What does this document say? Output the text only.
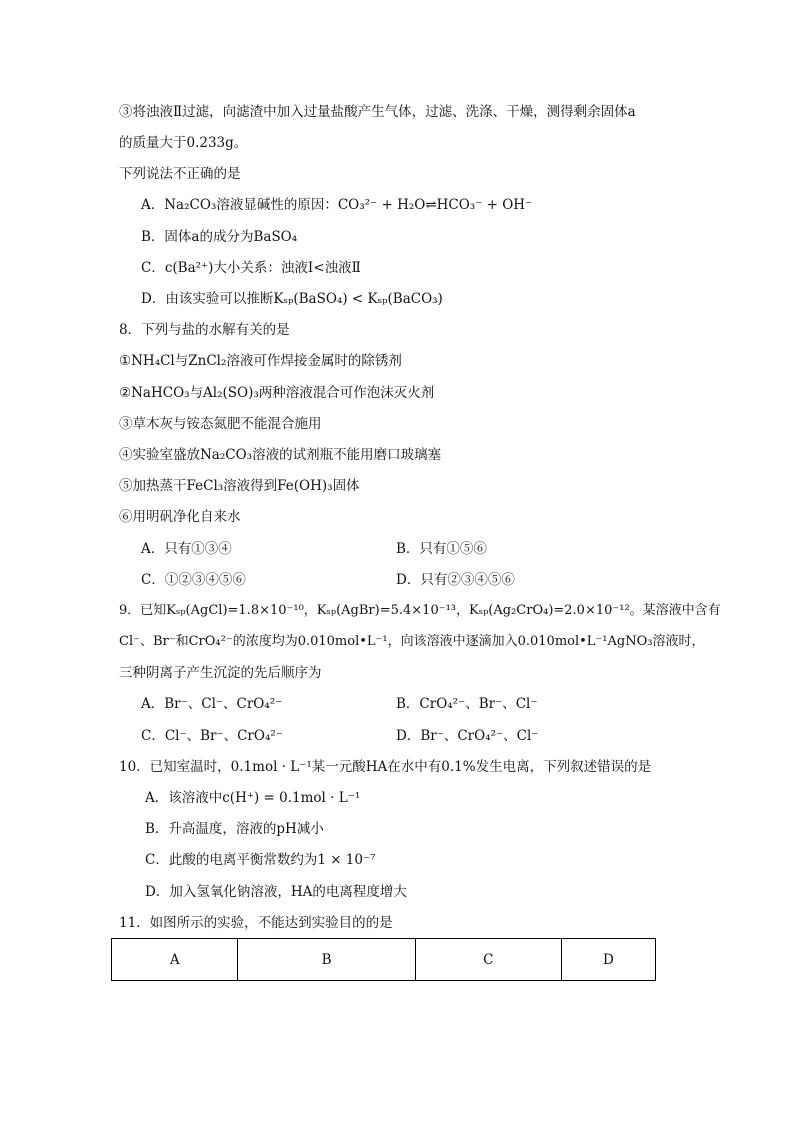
③将浊液Ⅱ过滤，向滤渣中加入过量盐酸产生气体，过滤、洗涤、干燥，测得剩余固体a
的质量大于0.233g。
下列说法不正确的是
A．Na₂CO₃溶液显碱性的原因：CO₃²⁻ + H₂O⇌HCO₃⁻ + OH⁻
B．固体a的成分为BaSO₄
C．c(Ba²⁺)大小关系：浊液Ⅰ<浊液Ⅱ
D．由该实验可以推断Kₛₚ(BaSO₄) < Kₛₚ(BaCO₃)
8．下列与盐的水解有关的是
①NH₄Cl与ZnCl₂溶液可作焊接金属时的除锈剂
②NaHCO₃与Al₂(SO)₃两种溶液混合可作泡沫灭火剂
③草木灰与铵态氮肥不能混合施用
④实验室盛放Na₂CO₃溶液的试剂瓶不能用磨口玻璃塞
⑤加热蒸干FeCl₃溶液得到Fe(OH)₃固体
⑥用明矾净化自来水
A．只有①③④	B．只有①⑤⑥
C．①②③④⑤⑥	D．只有②③④⑤⑥
9．已知Kₛₚ(AgCl)=1.8×10⁻¹⁰，Kₛₚ(AgBr)=5.4×10⁻¹³，Kₛₚ(Ag₂CrO₄)=2.0×10⁻¹²。某溶液中含有
Cl⁻、Br⁻和CrO₄²⁻的浓度均为0.010mol•L⁻¹，向该溶液中逐滴加入0.010mol•L⁻¹AgNO₃溶液时，
三种阴离子产生沉淀的先后顺序为
A．Br⁻、Cl⁻、CrO₄²⁻	B．CrO₄²⁻、Br⁻、Cl⁻
C．Cl⁻、Br⁻、CrO₄²⁻	D．Br⁻、CrO₄²⁻、Cl⁻
10．已知室温时，0.1mol · L⁻¹某一元酸HA在水中有0.1%发生电离，下列叙述错误的是
A．该溶液中c(H⁺) = 0.1mol · L⁻¹
B．升高温度，溶液的pH减小
C．此酸的电离平衡常数约为1 × 10⁻⁷
D．加入氢氧化钠溶液，HA的电离程度增大
11．如图所示的实验，不能达到实验目的的是
A	B	C	D
